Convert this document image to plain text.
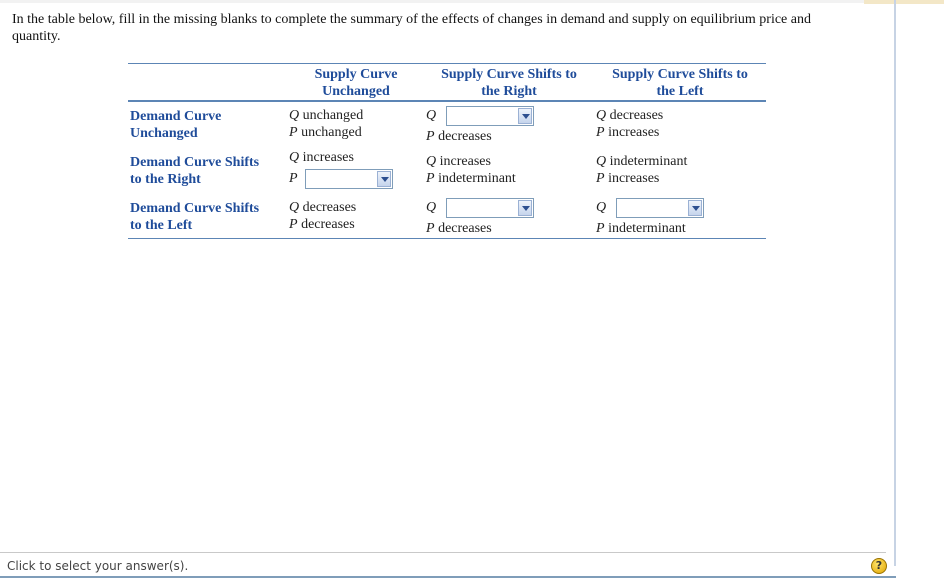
In the table below, fill in the missing blanks to complete the summary of the effects of changes in demand and supply on equilibrium price and quantity.
Supply Curve
Unchanged
Supply Curve Shifts to
the Right
Supply Curve Shifts to
the Left
Demand Curve
Unchanged
Demand Curve Shifts
to the Right
Demand Curve Shifts
to the Left
Q unchanged
P unchanged
Q
P decreases
Q decreases
P increases
Q increases
P
Q increases
P indeterminant
Q indeterminant
P increases
Q decreases
P decreases
Q
P decreases
Q
P indeterminant
Click to select your answer(s).	?
